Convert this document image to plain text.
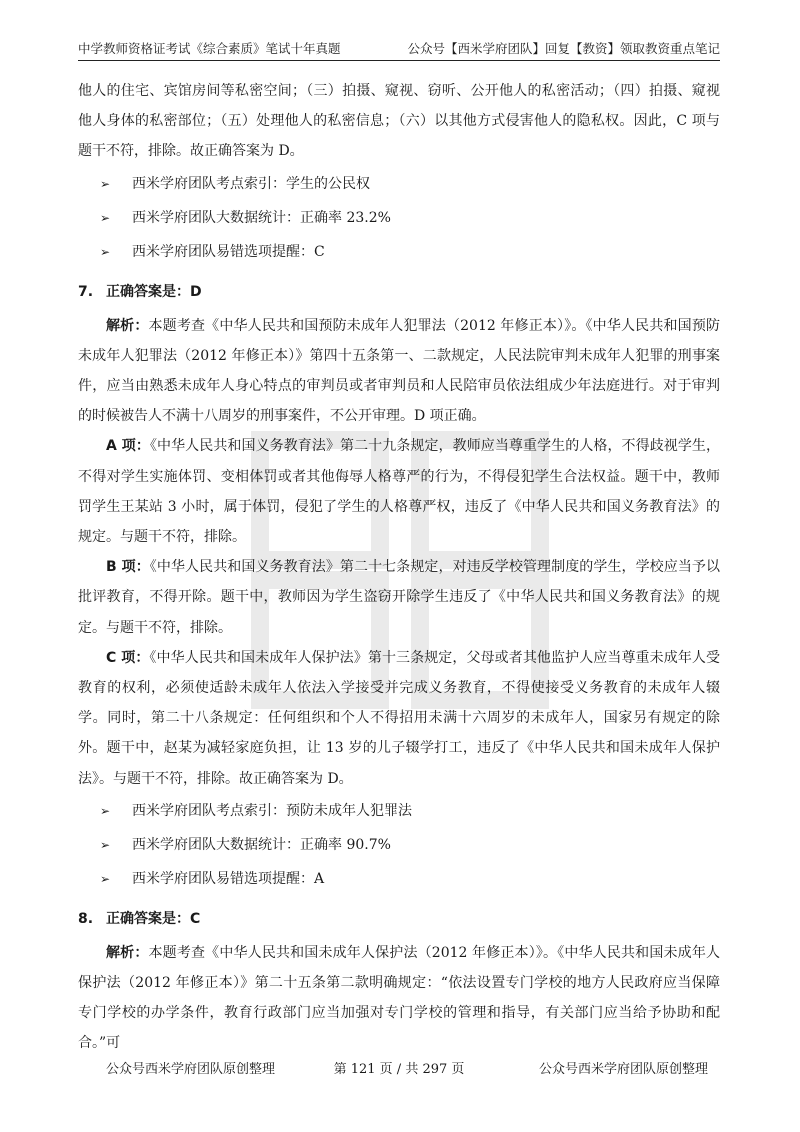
中学教师资格证考试《综合素质》笔试十年真题	公众号【西米学府团队】回复【教资】领取教资重点笔记

他人的住宅、宾馆房间等私密空间；（三）拍摄、窥视、窃听、公开他人的私密活动；（四）拍摄、窥视他人身体的私密部位；（五）处理他人的私密信息；（六）以其他方式侵害他人的隐私权。因此，C 项与题干不符，排除。故正确答案为 D。

➢ 西米学府团队考点索引：学生的公民权
➢ 西米学府团队大数据统计：正确率 23.2%
➢ 西米学府团队易错选项提醒：C

7. 正确答案是：D

解析：本题考查《中华人民共和国预防未成年人犯罪法（2012 年修正本）》。《中华人民共和国预防未成年人犯罪法（2012 年修正本）》第四十五条第一、二款规定，人民法院审判未成年人犯罪的刑事案件，应当由熟悉未成年人身心特点的审判员或者审判员和人民陪审员依法组成少年法庭进行。对于审判的时候被告人不满十八周岁的刑事案件，不公开审理。D 项正确。

A 项：《中华人民共和国义务教育法》第二十九条规定，教师应当尊重学生的人格，不得歧视学生，不得对学生实施体罚、变相体罚或者其他侮辱人格尊严的行为，不得侵犯学生合法权益。题干中，教师罚学生王某站 3 小时，属于体罚，侵犯了学生的人格尊严权，违反了《中华人民共和国义务教育法》的规定。与题干不符，排除。

B 项：《中华人民共和国义务教育法》第二十七条规定，对违反学校管理制度的学生，学校应当予以批评教育，不得开除。题干中，教师因为学生盗窃开除学生违反了《中华人民共和国义务教育法》的规定。与题干不符，排除。

C 项：《中华人民共和国未成年人保护法》第十三条规定，父母或者其他监护人应当尊重未成年人受教育的权利，必须使适龄未成年人依法入学接受并完成义务教育，不得使接受义务教育的未成年人辍学。同时，第二十八条规定：任何组织和个人不得招用未满十六周岁的未成年人，国家另有规定的除外。题干中，赵某为减轻家庭负担，让 13 岁的儿子辍学打工，违反了《中华人民共和国未成年人保护法》。与题干不符，排除。故正确答案为 D。

➢ 西米学府团队考点索引：预防未成年人犯罪法
➢ 西米学府团队大数据统计：正确率 90.7%
➢ 西米学府团队易错选项提醒：A

8. 正确答案是：C

解析：本题考查《中华人民共和国未成年人保护法（2012 年修正本）》。《中华人民共和国未成年人保护法（2012 年修正本）》第二十五条第二款明确规定：“依法设置专门学校的地方人民政府应当保障专门学校的办学条件，教育行政部门应当加强对专门学校的管理和指导，有关部门应当给予协助和配合。”可

公众号西米学府团队原创整理	第 121 页 / 共 297 页	公众号西米学府团队原创整理
